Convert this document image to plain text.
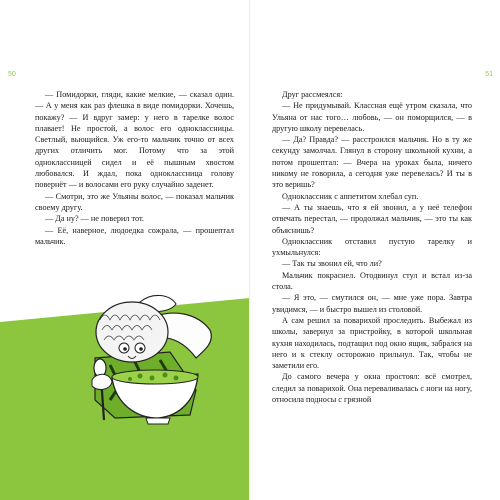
50

— Помидорки, гляди, какие мелкие, — сказал один. — А у меня как раз флешка в виде помидорки. Хочешь, покажу? — И вдруг замер: у него в тарелке волос плавает! Не простой, а волос его одноклассницы. Светлый, вьющийся. Уж его-то мальчик точно от всех других отличить мог. Потому что за этой одноклассницей сидел и её пышным хвостом любовался. И ждал, пока одноклассница голову повернёт — и волосами его руку случайно заденет.

— Смотри, это же Ульяны волос, — показал мальчик своему другу.

— Да ну? — не поверил тот.

— Её, наверное, людоедка сожрала, — прошептал мальчик.

51

Друг рассмеялся:

— Не придумывай. Классная ещё утром сказала, что Ульяна от нас того… любовь, — он поморщился, — в другую школу перевелась.

— Да? Правда? — расстроился мальчик. Но в ту же секунду замолчал. Глянул в сторону школьной кухни, а потом прошептал: — Вчера на уроках была, ничего никому не говорила, а сегодня уже перевелась? И ты в это веришь?

Одноклассник с аппетитом хлебал суп.

— А ты знаешь, что я ей звонил, а у неё телефон отвечать перестал, — продолжал мальчик, — это ты как объяснишь?

Одноклассник отставил пустую тарелку и ухмыльнулся:

— Так ты звонил ей, что ли?

Мальчик покраснел. Отодвинул стул и встал из-за стола.

— Я это, — смутился он, — мне уже пора. Завтра увидимся, — и быстро вышел из столовой.

А сам решил за поварихой проследить. Выбежал из школы, завернул за пристройку, в которой школьная кухня находилась, подтащил под окно ящик, забрался на него и к стеклу осторожно прильнул. Так, чтобы не заметили его.

До самого вечера у окна простоял: всё смотрел, следил за поварихой. Она переваливалась с ноги на ногу, относила подносы с грязной
